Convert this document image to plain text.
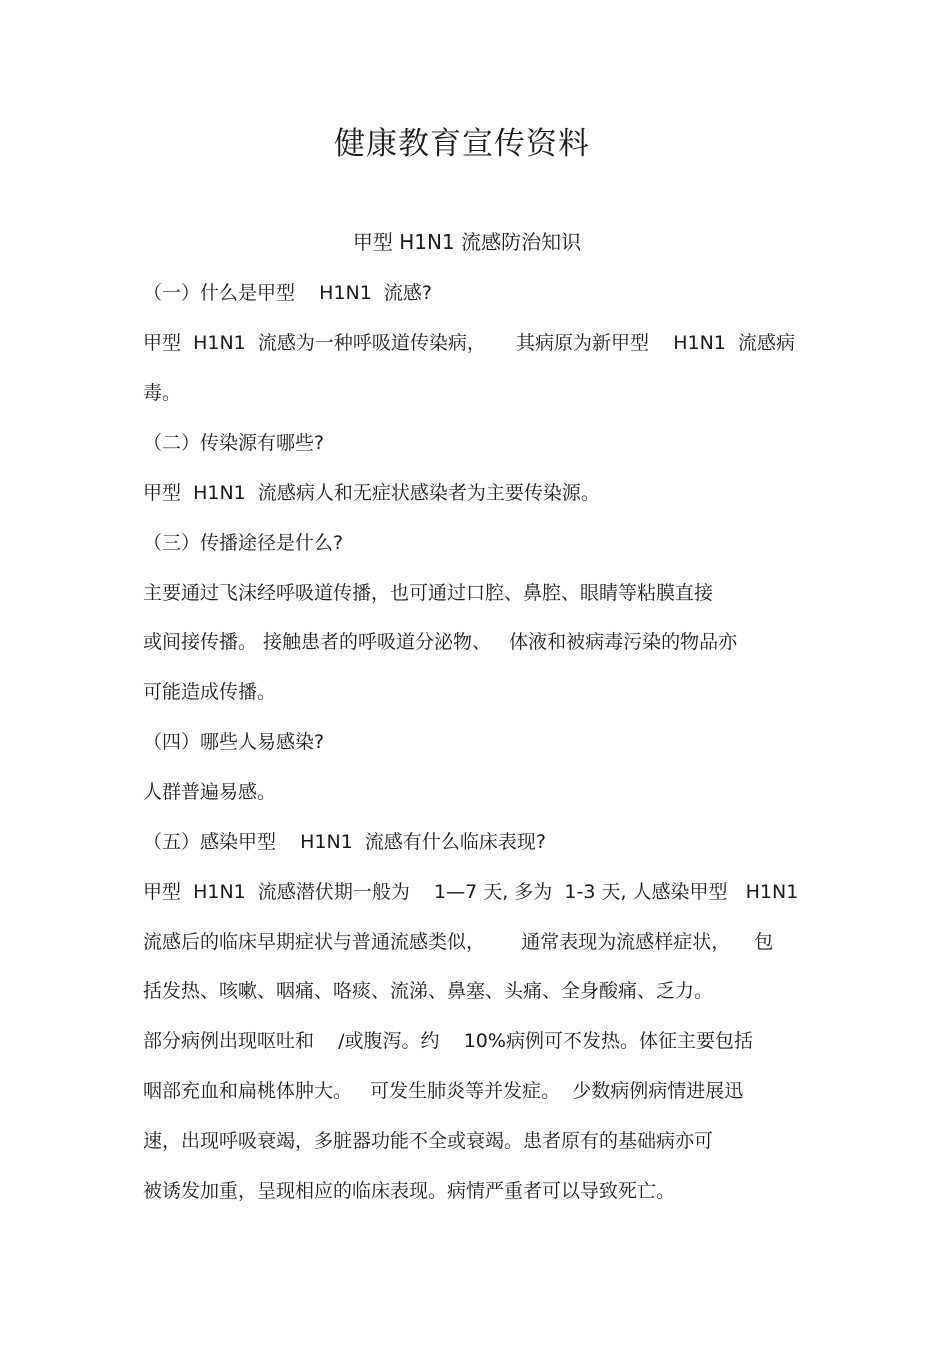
健康教育宣传资料
甲型 H1N1 流感防治知识
（一）什么是甲型    H1N1  流感?
甲型  H1N1  流感为一种呼吸道传染病，     其病原为新甲型    H1N1  流感病
毒。
（二）传染源有哪些?
甲型  H1N1  流感病人和无症状感染者为主要传染源。
（三）传播途径是什么?
主要通过飞沫经呼吸道传播，也可通过口腔、鼻腔、眼睛等粘膜直接
或间接传播。 接触患者的呼吸道分泌物、   体液和被病毒污染的物品亦
可能造成传播。
（四）哪些人易感染?
人群普遍易感。
（五）感染甲型    H1N1  流感有什么临床表现?
甲型  H1N1  流感潜伏期一般为    1—7 天, 多为  1-3 天, 人感染甲型   H1N1
流感后的临床早期症状与普通流感类似，      通常表现为流感样症状，    包
括发热、咳嗽、咽痛、咯痰、流涕、鼻塞、头痛、全身酸痛、乏力。
部分病例出现呕吐和    /或腹泻。约    10%病例可不发热。体征主要包括
咽部充血和扁桃体肿大。   可发生肺炎等并发症。  少数病例病情进展迅
速，出现呼吸衰竭，多脏器功能不全或衰竭。患者原有的基础病亦可
被诱发加重，呈现相应的临床表现。病情严重者可以导致死亡。
